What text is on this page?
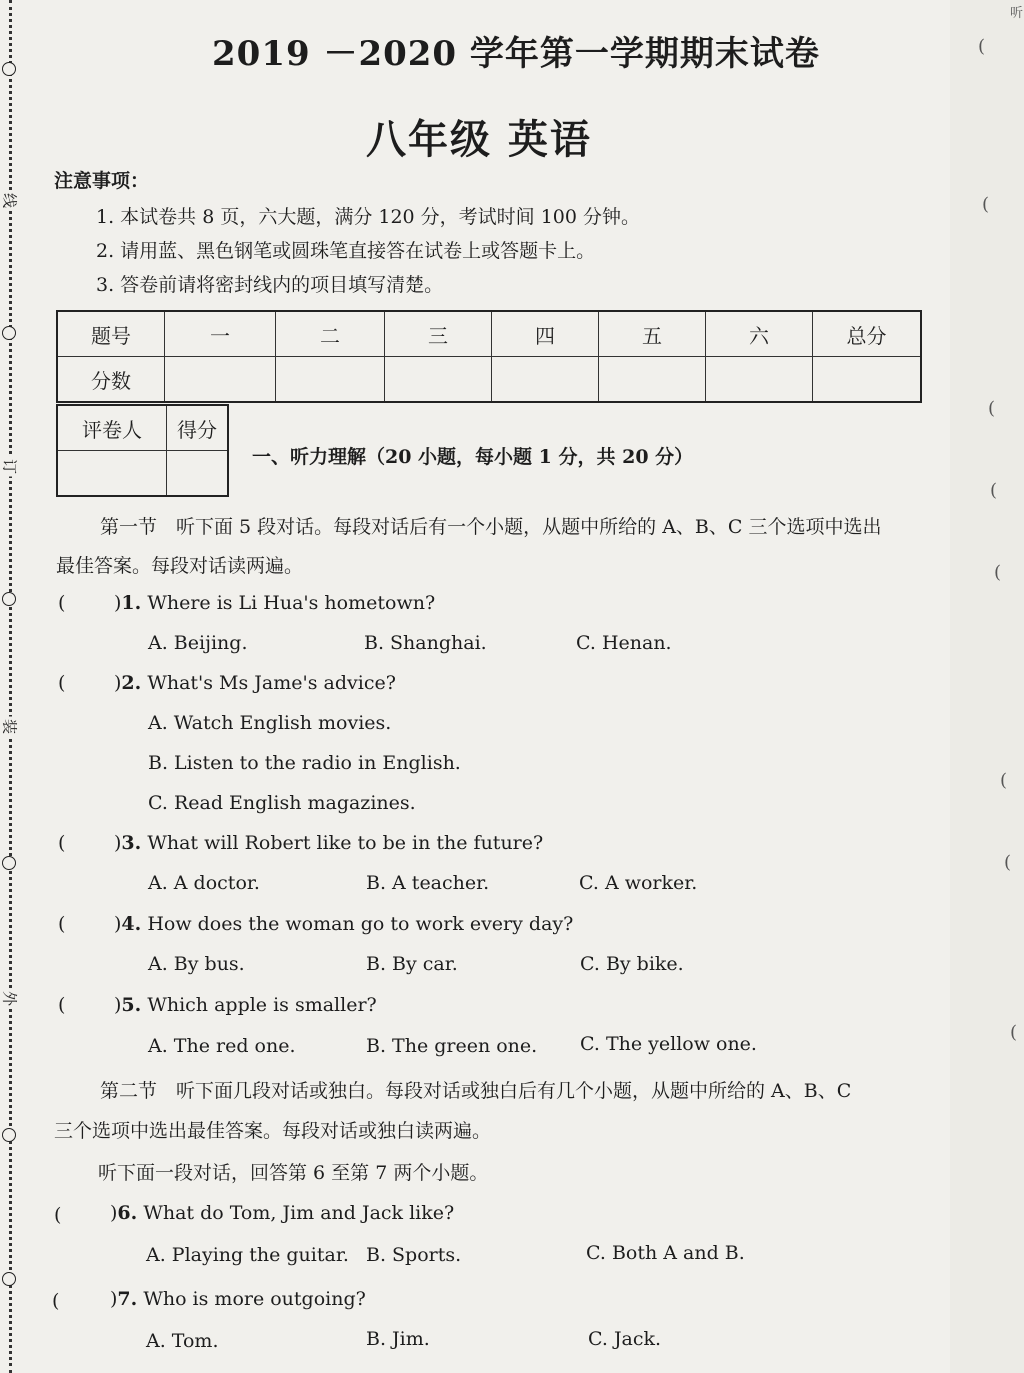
线
订
装
外
听
(
(
(
(
(
(
(
(
2019 －2020 学年第一学期期末试卷
八年级 英语
注意事项：
1. 本试卷共 8 页，六大题，满分 120 分，考试时间 100 分钟。
2. 请用蓝、黑色钢笔或圆珠笔直接答在试卷上或答题卡上。
3. 答卷前请将密封线内的项目填写清楚。
题号	一	二	三	四	五	六	总分
分数							
评卷人	得分

一、听力理解（20 小题，每小题 1 分，共 20 分）
第一节　听下面 5 段对话。每段对话后有一个小题，从题中所给的 A、B、C 三个选项中选出
最佳答案。每段对话读两遍。
(	)1. Where is Li Hua's hometown?
A. Beijing.	B. Shanghai.	C. Henan.
(	)2. What's Ms Jame's advice?
A. Watch English movies.
B. Listen to the radio in English.
C. Read English magazines.
(	)3. What will Robert like to be in the future?
A. A doctor.	B. A teacher.	C. A worker.
(	)4. How does the woman go to work every day?
A. By bus.	B. By car.	C. By bike.
(	)5. Which apple is smaller?
A. The red one.	B. The green one. C. The yellow one.
第二节　听下面几段对话或独白。每段对话或独白后有几个小题，从题中所给的 A、B、C
三个选项中选出最佳答案。每段对话或独白读两遍。
听下面一段对话，回答第 6 至第 7 两个小题。
(	)6. What do Tom, Jim and Jack like?
A. Playing the guitar. B. Sports.	C. Both A and B.
(	)7. Who is more outgoing?
A. Tom.	B. Jim.	C. Jack.
